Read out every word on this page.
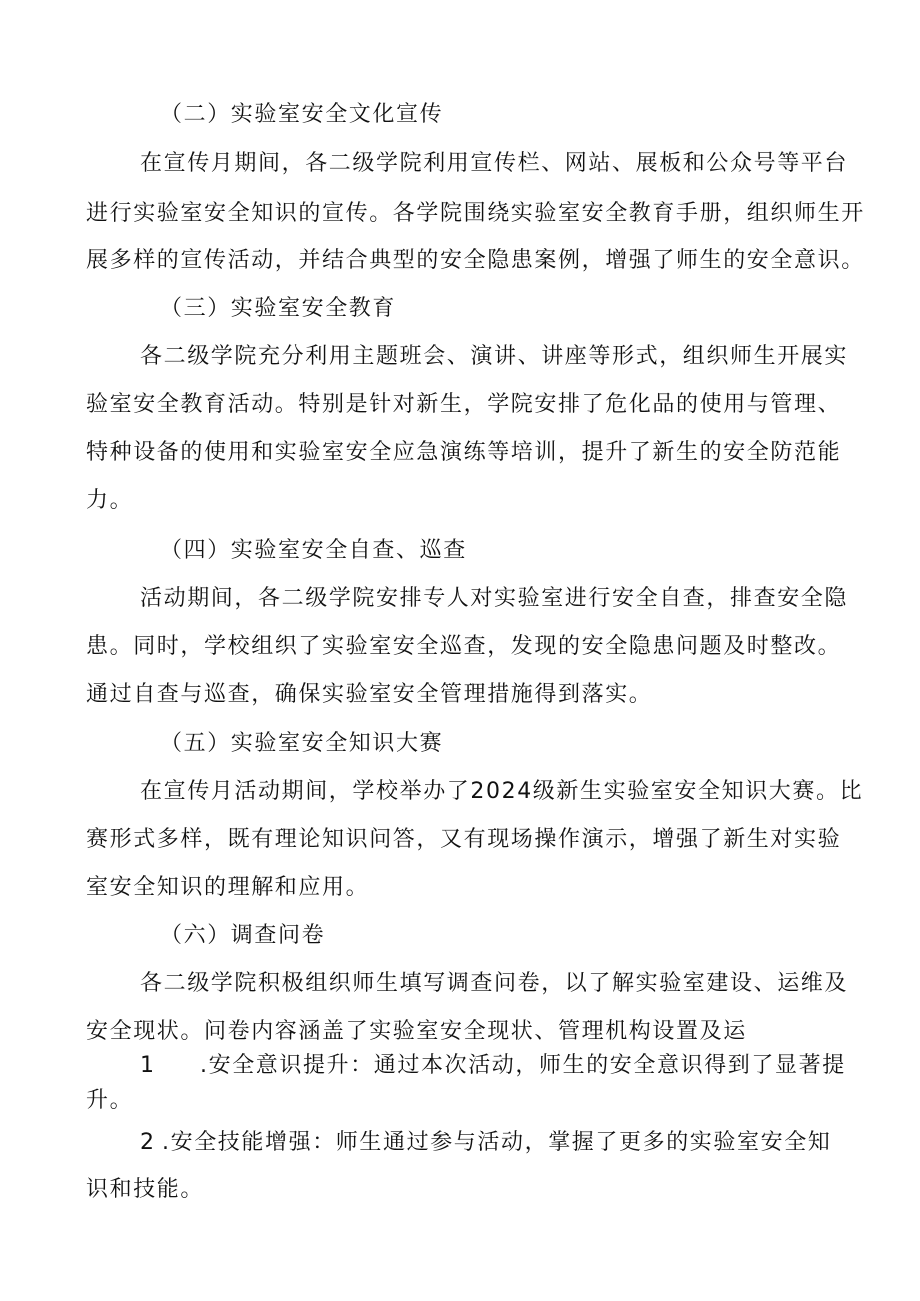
（二）实验室安全文化宣传
在宣传月期间，各二级学院利用宣传栏、网站、展板和公众号等平台
进行实验室安全知识的宣传。各学院围绕实验室安全教育手册，组织师生开
展多样的宣传活动，并结合典型的安全隐患案例，增强了师生的安全意识。
（三）实验室安全教育
各二级学院充分利用主题班会、演讲、讲座等形式，组织师生开展实
验室安全教育活动。特别是针对新生，学院安排了危化品的使用与管理、
特种设备的使用和实验室安全应急演练等培训，提升了新生的安全防范能
力。
（四）实验室安全自查、巡查
活动期间，各二级学院安排专人对实验室进行安全自查，排查安全隐
患。同时，学校组织了实验室安全巡查，发现的安全隐患问题及时整改。
通过自查与巡查，确保实验室安全管理措施得到落实。
（五）实验室安全知识大赛
在宣传月活动期间，学校举办了2024级新生实验室安全知识大赛。比
赛形式多样，既有理论知识问答，又有现场操作演示，增强了新生对实验
室安全知识的理解和应用。
（六）调查问卷
各二级学院积极组织师生填写调查问卷，以了解实验室建设、运维及
安全现状。问卷内容涵盖了实验室安全现状、管理机构设置及运
1 .安全意识提升：通过本次活动，师生的安全意识得到了显著提
升。
2 .安全技能增强：师生通过参与活动，掌握了更多的实验室安全知
识和技能。
